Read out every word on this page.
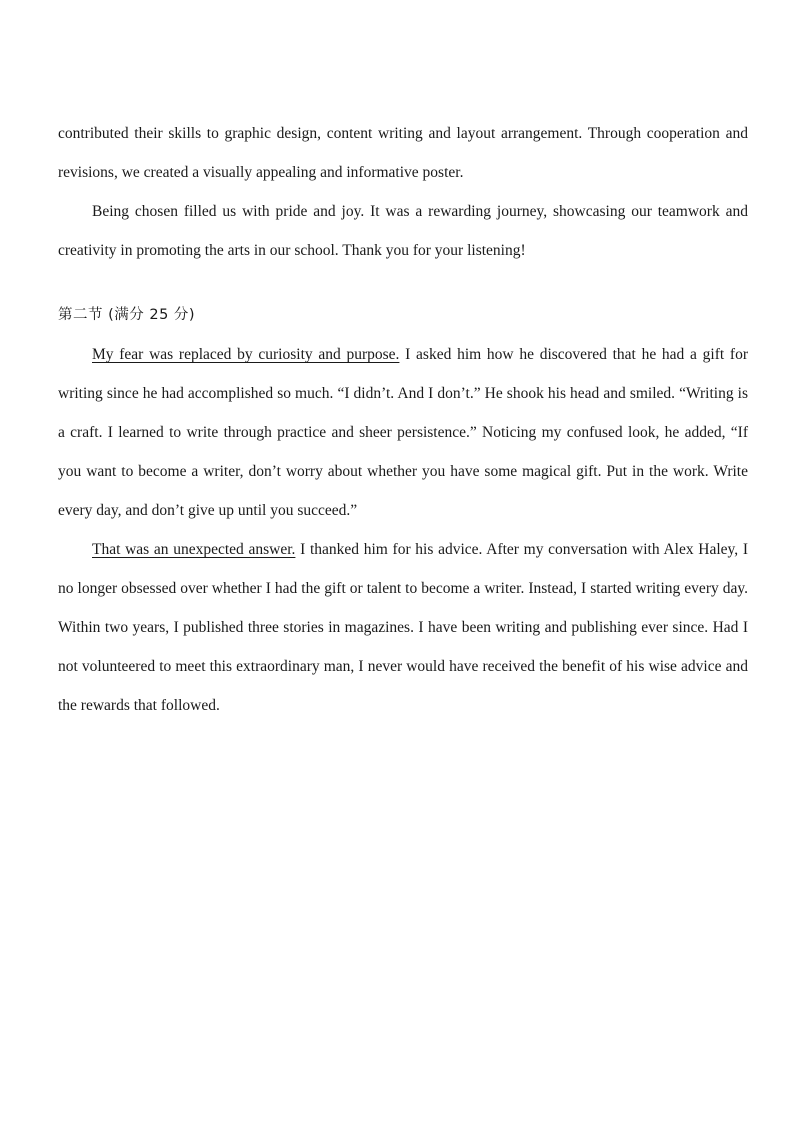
contributed their skills to graphic design, content writing and layout arrangement. Through cooperation and revisions, we created a visually appealing and informative poster.

Being chosen filled us with pride and joy. It was a rewarding journey, showcasing our teamwork and creativity in promoting the arts in our school. Thank you for your listening!

第二节 (满分 25 分)

My fear was replaced by curiosity and purpose. I asked him how he discovered that he had a gift for writing since he had accomplished so much. “I didn’t. And I don’t.” He shook his head and smiled. “Writing is a craft. I learned to write through practice and sheer persistence.” Noticing my confused look, he added, “If you want to become a writer, don’t worry about whether you have some magical gift. Put in the work. Write every day, and don’t give up until you succeed.”

That was an unexpected answer. I thanked him for his advice. After my conversation with Alex Haley, I no longer obsessed over whether I had the gift or talent to become a writer. Instead, I started writing every day. Within two years, I published three stories in magazines. I have been writing and publishing ever since. Had I not volunteered to meet this extraordinary man, I never would have received the benefit of his wise advice and the rewards that followed.
